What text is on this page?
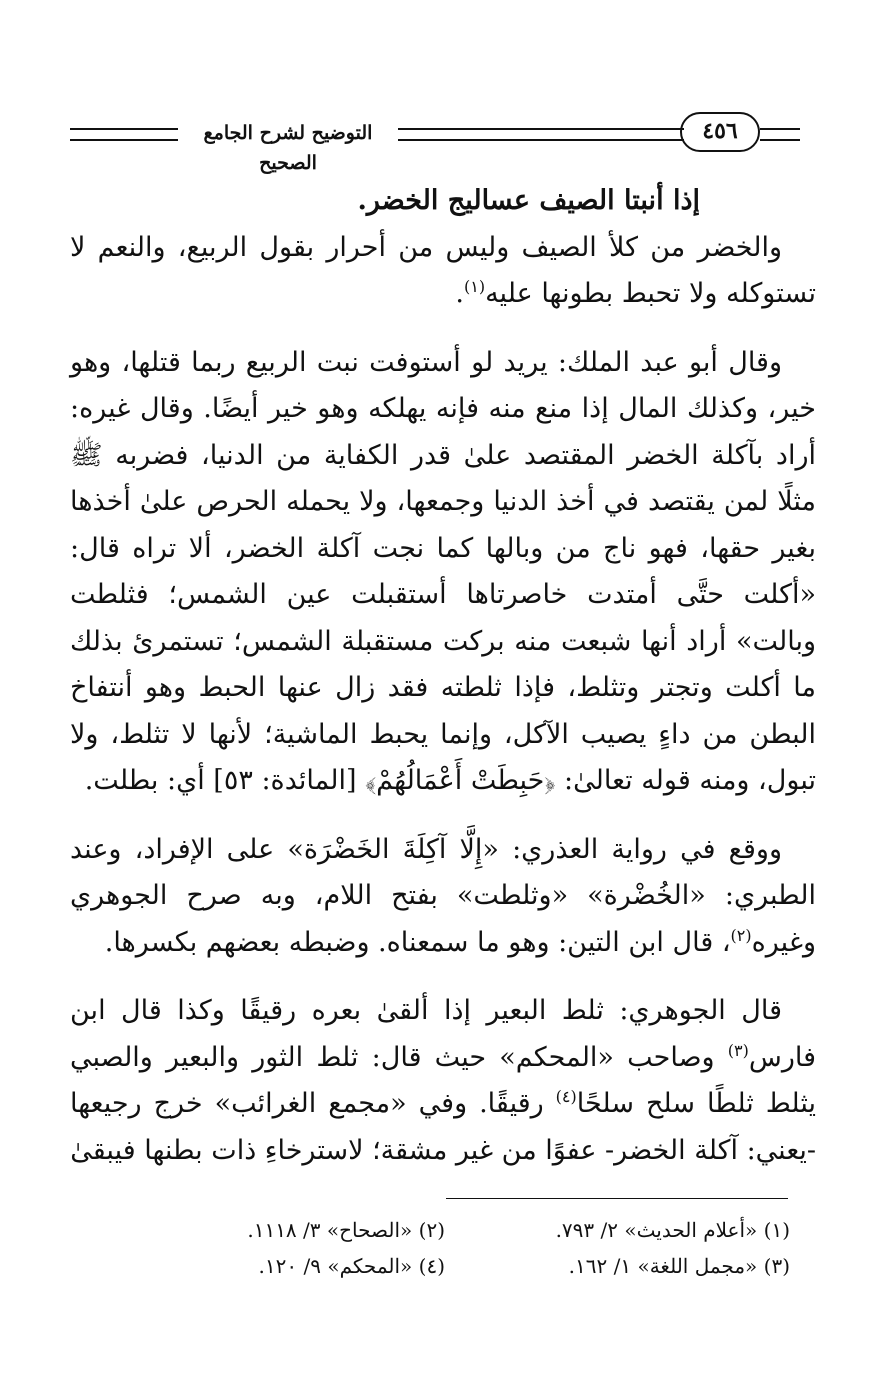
التوضيح لشرح الجامع الصحيح
٤٥٦

إذا أنبتا الصيف عساليج الخضر.

والخضر من كلأ الصيف وليس من أحرار بقول الربيع، والنعم لا تستوكله ولا تحبط بطونها عليه$^{(١)}$.

وقال أبو عبد الملك: يريد لو أستوفت نبت الربيع ربما قتلها، وهو خير، وكذلك المال إذا منع منه فإنه يهلكه وهو خير أيضًا. وقال غيره: أراد بآكلة الخضر المقتصد علىٰ قدر الكفاية من الدنيا، فضربه ﷺ مثلًا لمن يقتصد في أخذ الدنيا وجمعها، ولا يحمله الحرص علىٰ أخذها بغير حقها، فهو ناج من وبالها كما نجت آكلة الخضر، ألا تراه قال: «أكلت حتَّى أمتدت خاصرتاها أستقبلت عين الشمس؛ فثلطت وبالت» أراد أنها شبعت منه بركت مستقبلة الشمس؛ تستمرئ بذلك ما أكلت وتجتر وتثلط، فإذا ثلطته فقد زال عنها الحبط وهو أنتفاخ البطن من داءٍ يصيب الآكل، وإنما يحبط الماشية؛ لأنها لا تثلط، ولا تبول، ومنه قوله تعالىٰ: ﴿حَبِطَتْ أَعْمَالُهُمْ﴾ [المائدة: ٥٣] أي: بطلت.

ووقع في رواية العذري: «إِلَّا آكِلَةَ الخَضْرَة» على الإفراد، وعند الطبري: «الخُضْرة» «وثلطت» بفتح اللام، وبه صرح الجوهري وغيره$^{(٢)}$، قال ابن التين: وهو ما سمعناه. وضبطه بعضهم بكسرها.

قال الجوهري: ثلط البعير إذا ألقىٰ بعره رقيقًا وكذا قال ابن فارس$^{(٣)}$ وصاحب «المحكم» حيث قال: ثلط الثور والبعير والصبي يثلط ثلطًا سلح سلحًا$^{(٤)}$ رقيقًا. وفي «مجمع الغرائب» خرج رجيعها -يعني: آكلة الخضر- عفوًا من غير مشقة؛ لاسترخاءِ ذات بطنها فيبقىٰ

(١) «أعلام الحديث» ٢/ ٧٩٣.
(٢) «الصحاح» ٣/ ١١١٨.
(٣) «مجمل اللغة» ١/ ١٦٢.
(٤) «المحكم» ٩/ ١٢٠.
